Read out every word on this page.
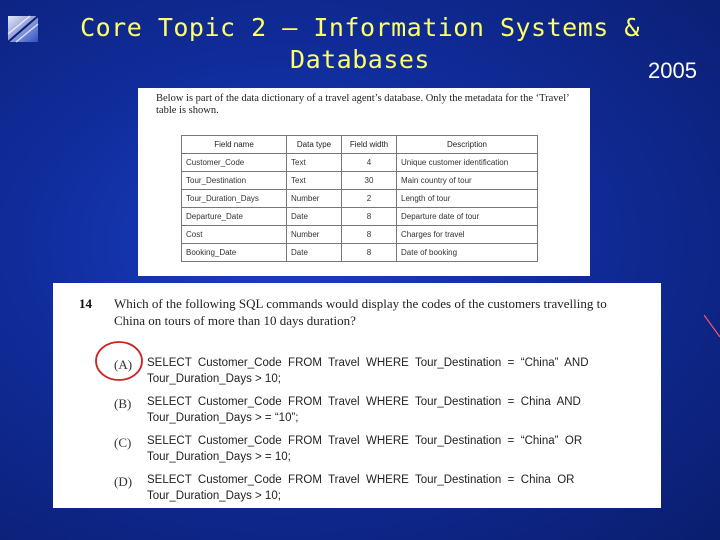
Core Topic 2 – Information Systems &
Databases	2005
Below is part of the data dictionary of a travel agent’s database. Only the metadata for the ‘Travel’ table is shown.
Field name	Data type	Field width	Description
Customer_Code	Text	4	Unique customer identification
Tour_Destination	Text	30	Main country of tour
Tour_Duration_Days	Number	2	Length of tour
Departure_Date	Date	8	Departure date of tour
Cost	Number	8	Charges for travel
Booking_Date	Date	8	Date of booking
14 Which of the following SQL commands would display the codes of the customers travelling to China on tours of more than 10 days duration?
(A) SELECT  Customer_Code  FROM  Travel  WHERE  Tour_Destination  =  “China”  AND
Tour_Duration_Days > 10;
(B) SELECT  Customer_Code  FROM  Travel  WHERE  Tour_Destination  =  China  AND
Tour_Duration_Days > = “10”;
(C) SELECT  Customer_Code  FROM  Travel  WHERE  Tour_Destination  =  “China”  OR
Tour_Duration_Days > = 10;
(D) SELECT  Customer_Code  FROM  Travel  WHERE  Tour_Destination  =  China  OR
Tour_Duration_Days > 10;
